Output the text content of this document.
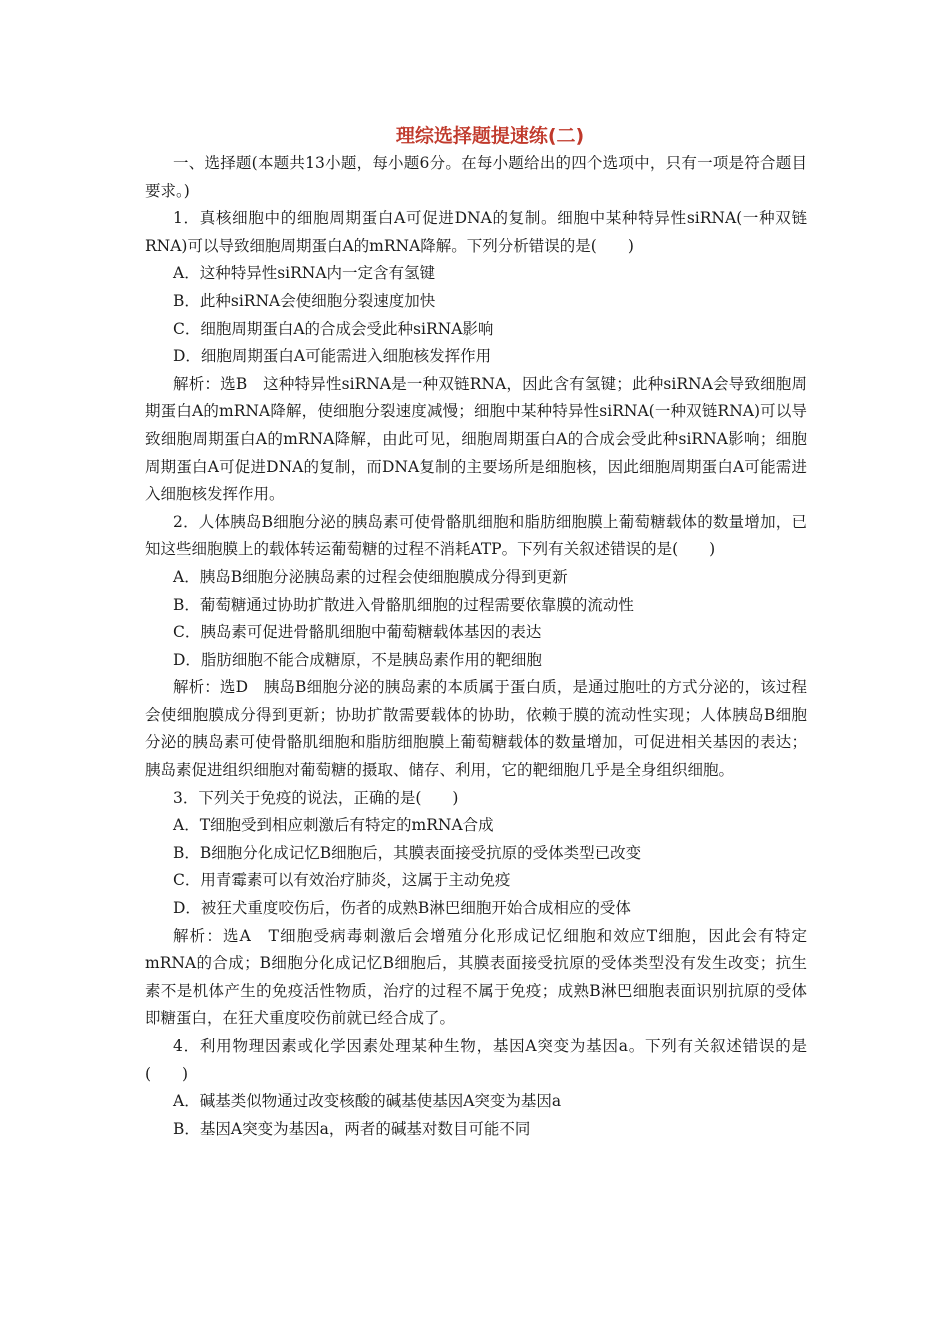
理综选择题提速练(二)

一、选择题(本题共13小题，每小题6分。在每小题给出的四个选项中，只有一项是符合题目要求。)

1．真核细胞中的细胞周期蛋白A可促进DNA的复制。细胞中某种特异性siRNA(一种双链RNA)可以导致细胞周期蛋白A的mRNA降解。下列分析错误的是(　　)

A．这种特异性siRNA内一定含有氢键

B．此种siRNA会使细胞分裂速度加快

C．细胞周期蛋白A的合成会受此种siRNA影响

D．细胞周期蛋白A可能需进入细胞核发挥作用

解析：选B　这种特异性siRNA是一种双链RNA，因此含有氢键；此种siRNA会导致细胞周期蛋白A的mRNA降解，使细胞分裂速度减慢；细胞中某种特异性siRNA(一种双链RNA)可以导致细胞周期蛋白A的mRNA降解，由此可见，细胞周期蛋白A的合成会受此种siRNA影响；细胞周期蛋白A可促进DNA的复制，而DNA复制的主要场所是细胞核，因此细胞周期蛋白A可能需进入细胞核发挥作用。

2．人体胰岛B细胞分泌的胰岛素可使骨骼肌细胞和脂肪细胞膜上葡萄糖载体的数量增加，已知这些细胞膜上的载体转运葡萄糖的过程不消耗ATP。下列有关叙述错误的是(　　)

A．胰岛B细胞分泌胰岛素的过程会使细胞膜成分得到更新

B．葡萄糖通过协助扩散进入骨骼肌细胞的过程需要依靠膜的流动性

C．胰岛素可促进骨骼肌细胞中葡萄糖载体基因的表达

D．脂肪细胞不能合成糖原，不是胰岛素作用的靶细胞

解析：选D　胰岛B细胞分泌的胰岛素的本质属于蛋白质，是通过胞吐的方式分泌的，该过程会使细胞膜成分得到更新；协助扩散需要载体的协助，依赖于膜的流动性实现；人体胰岛B细胞分泌的胰岛素可使骨骼肌细胞和脂肪细胞膜上葡萄糖载体的数量增加，可促进相关基因的表达；胰岛素促进组织细胞对葡萄糖的摄取、储存、利用，它的靶细胞几乎是全身组织细胞。

3．下列关于免疫的说法，正确的是(　　)

A．T细胞受到相应刺激后有特定的mRNA合成

B．B细胞分化成记忆B细胞后，其膜表面接受抗原的受体类型已改变

C．用青霉素可以有效治疗肺炎，这属于主动免疫

D．被狂犬重度咬伤后，伤者的成熟B淋巴细胞开始合成相应的受体

解析：选A　T细胞受病毒刺激后会增殖分化形成记忆细胞和效应T细胞，因此会有特定mRNA的合成；B细胞分化成记忆B细胞后，其膜表面接受抗原的受体类型没有发生改变；抗生素不是机体产生的免疫活性物质，治疗的过程不属于免疫；成熟B淋巴细胞表面识别抗原的受体即糖蛋白，在狂犬重度咬伤前就已经合成了。

4．利用物理因素或化学因素处理某种生物，基因A突变为基因a。下列有关叙述错误的是(　　)

A．碱基类似物通过改变核酸的碱基使基因A突变为基因a

B．基因A突变为基因a，两者的碱基对数目可能不同
